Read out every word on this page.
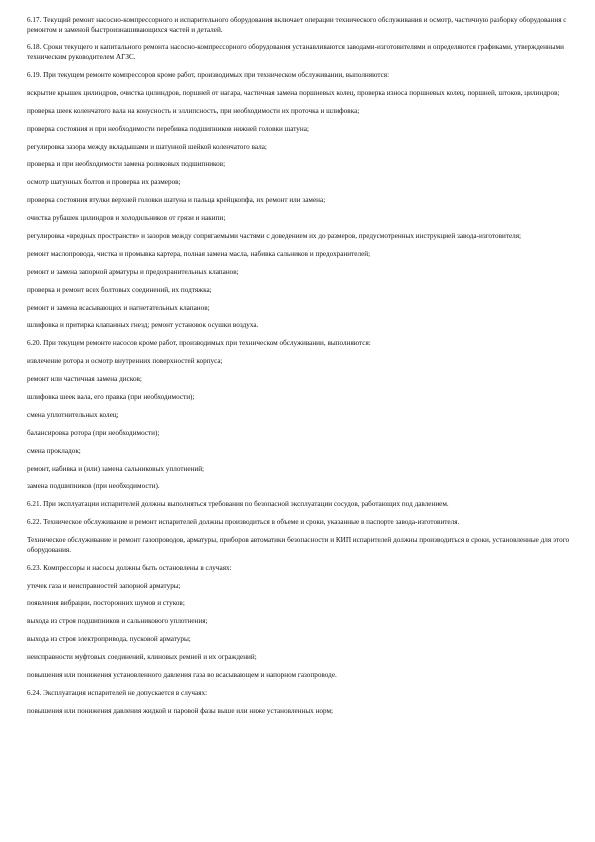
6.17. Текущий ремонт насосно-компрессорного и испарительного оборудования включает операции технического обслуживания и осмотр, частичную разборку оборудования с ремонтом и заменой быстроизнашивающихся частей и деталей.

6.18. Сроки текущего и капитального ремонта насосно-компрессорного оборудования устанавливаются заводами-изготовителями и определяются графиками, утвержденными техническим руководителем АГЗС.

6.19. При текущем ремонте компрессоров кроме работ, производимых при техническом обслуживании, выполняются:

вскрытие крышек цилиндров, очистка цилиндров, поршней от нагара, частичная замена поршневых колец, проверка износа поршневых колец, поршней, штоков, цилиндров;

проверка шеек коленчатого вала на конусность и эллипсность, при необходимости их проточка и шлифовка;

проверка состояния и при необходимости перебивка подшипников нижней головки шатуна;

регулировка зазора между вкладышами и шатунной шейкой коленчатого вала;

проверка и при необходимости замена роликовых подшипников;

осмотр шатунных болтов и проверка их размеров;

проверка состояния втулки верхней головки шатуна и пальца крейцкопфа, их ремонт или замена;

очистка рубашек цилиндров и холодильников от грязи и накипи;

регулировка «вредных пространств» и зазоров между сопрягаемыми частями с доведением их до размеров, предусмотренных инструкцией завода-изготовителя;

ремонт маслопровода, чистка и промывка картера, полная замена масла, набивка сальников и предохранителей;

ремонт и замена запорной арматуры и предохранительных клапанов;

проверка и ремонт всех болтовых соединений, их подтяжка;

ремонт и замена всасывающих и нагнетательных клапанов;

шлифовка и притирка клапанных гнезд; ремонт установок осушки воздуха.

6.20. При текущем ремонте насосов кроме работ, производимых при техническом обслуживании, выполняются:

извлечение ротора и осмотр внутренних поверхностей корпуса;

ремонт или частичная замена дисков;

шлифовка шеек вала, его правка (при необходимости);

смена уплотнительных колец;

балансировка ротора (при необходимости);

смена прокладок;

ремонт, набивка и (или) замена сальниковых уплотнений;

замена подшипников (при необходимости).

6.21. При эксплуатации испарителей должны выполняться требования по безопасной эксплуатации сосудов, работающих под давлением.

6.22. Техническое обслуживание и ремонт испарителей должны производиться в объеме и сроки, указанные в паспорте завода-изготовителя.

Техническое обслуживание и ремонт газопроводов, арматуры, приборов автоматики безопасности и КИП испарителей должны производиться в сроки, установленные для этого оборудования.

6.23. Компрессоры и насосы должны быть остановлены в случаях:

утечек газа и неисправностей запорной арматуры;

появления вибрации, посторонних шумов и стуков;

выхода из строя подшипников и сальникового уплотнения;

выхода из строя электропривода, пусковой арматуры;

неисправности муфтовых соединений, клиновых ремней и их ограждений;

повышения или понижения установленного давления газа во всасывающем и напорном газопроводе.

6.24. Эксплуатация испарителей не допускается в случаях:

повышения или понижения давления жидкой и паровой фазы выше или ниже установленных норм;
